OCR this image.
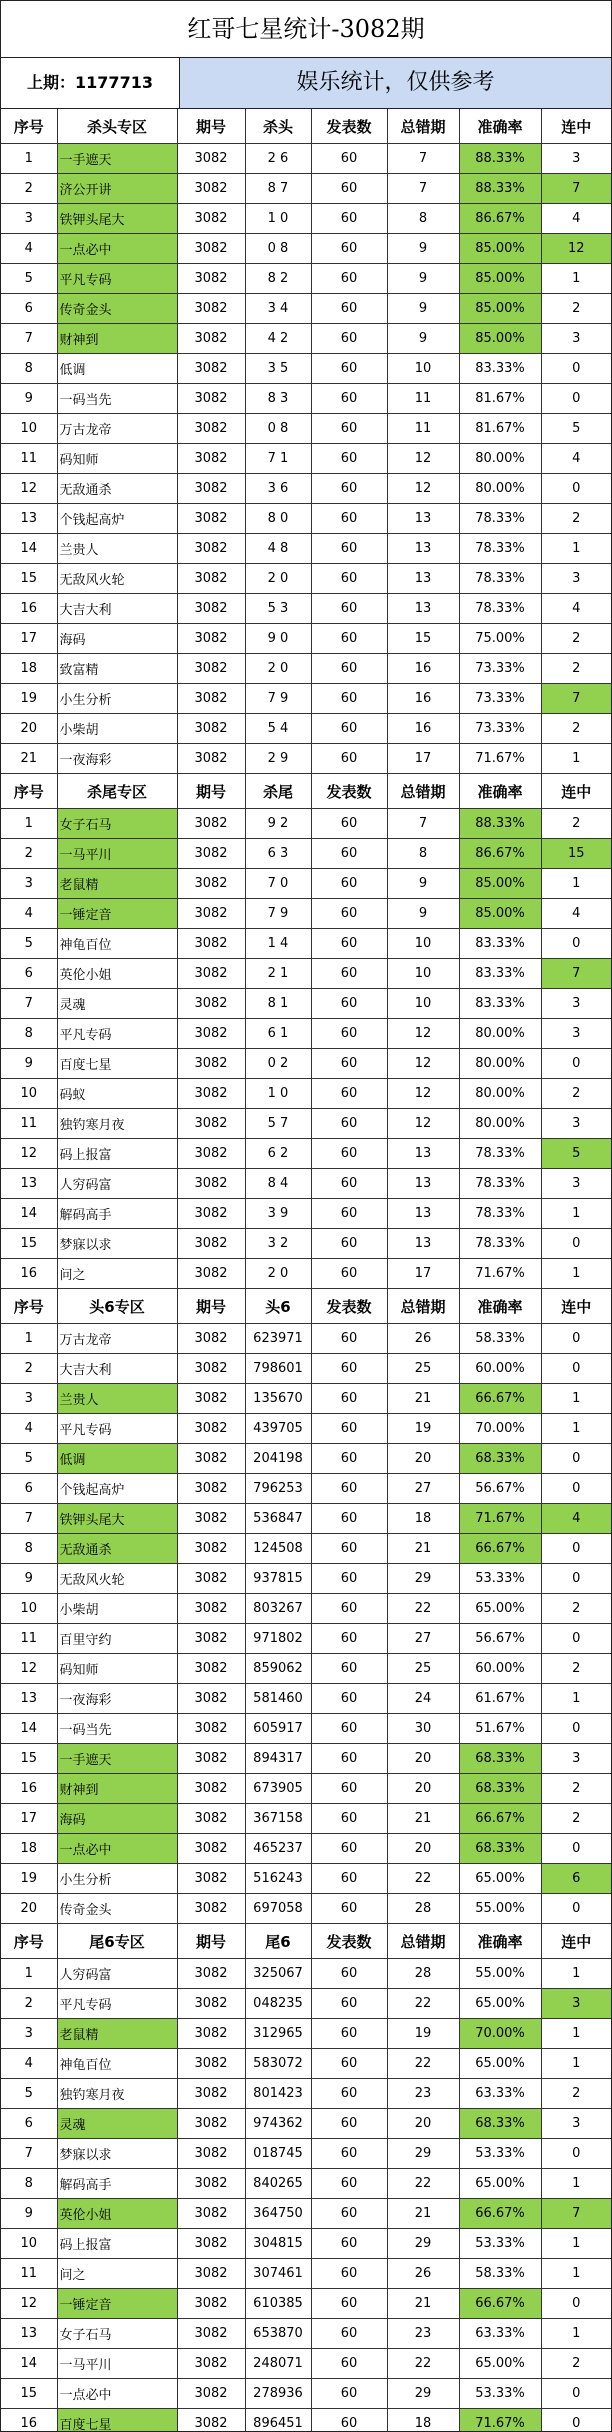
红哥七星统计-3082期
上期：1177713	娱乐统计，仅供参考
序号	杀头专区	期号	杀头	发表数	总错期	准确率	连中
1	一手遮天	3082	2 6	60	7	88.33%	3
2	济公开讲	3082	8 7	60	7	88.33%	7
3	铁钾头尾大	3082	1 0	60	8	86.67%	4
4	一点必中	3082	0 8	60	9	85.00%	12
5	平凡专码	3082	8 2	60	9	85.00%	1
6	传奇金头	3082	3 4	60	9	85.00%	2
7	财神到	3082	4 2	60	9	85.00%	3
8	低调	3082	3 5	60	10	83.33%	0
9	一码当先	3082	8 3	60	11	81.67%	0
10	万古龙帝	3082	0 8	60	11	81.67%	5
11	码知师	3082	7 1	60	12	80.00%	4
12	无敌通杀	3082	3 6	60	12	80.00%	0
13	个钱起高炉	3082	8 0	60	13	78.33%	2
14	兰贵人	3082	4 8	60	13	78.33%	1
15	无敌风火轮	3082	2 0	60	13	78.33%	3
16	大吉大利	3082	5 3	60	13	78.33%	4
17	海码	3082	9 0	60	15	75.00%	2
18	致富精	3082	2 0	60	16	73.33%	2
19	小生分析	3082	7 9	60	16	73.33%	7
20	小柴胡	3082	5 4	60	16	73.33%	2
21	一夜海彩	3082	2 9	60	17	71.67%	1
序号	杀尾专区	期号	杀尾	发表数	总错期	准确率	连中
1	女子石马	3082	9 2	60	7	88.33%	2
2	一马平川	3082	6 3	60	8	86.67%	15
3	老鼠精	3082	7 0	60	9	85.00%	1
4	一锤定音	3082	7 9	60	9	85.00%	4
5	神龟百位	3082	1 4	60	10	83.33%	0
6	英伦小姐	3082	2 1	60	10	83.33%	7
7	灵魂	3082	8 1	60	10	83.33%	3
8	平凡专码	3082	6 1	60	12	80.00%	3
9	百度七星	3082	0 2	60	12	80.00%	0
10	码蚁	3082	1 0	60	12	80.00%	2
11	独钓寒月夜	3082	5 7	60	12	80.00%	3
12	码上报富	3082	6 2	60	13	78.33%	5
13	人穷码富	3082	8 4	60	13	78.33%	3
14	解码高手	3082	3 9	60	13	78.33%	1
15	梦寐以求	3082	3 2	60	13	78.33%	0
16	问之	3082	2 0	60	17	71.67%	1
序号	头6专区	期号	头6	发表数	总错期	准确率	连中
1	万古龙帝	3082	623971	60	26	58.33%	0
2	大吉大利	3082	798601	60	25	60.00%	0
3	兰贵人	3082	135670	60	21	66.67%	1
4	平凡专码	3082	439705	60	19	70.00%	1
5	低调	3082	204198	60	20	68.33%	0
6	个钱起高炉	3082	796253	60	27	56.67%	0
7	铁钾头尾大	3082	536847	60	18	71.67%	4
8	无敌通杀	3082	124508	60	21	66.67%	0
9	无敌风火轮	3082	937815	60	29	53.33%	0
10	小柴胡	3082	803267	60	22	65.00%	2
11	百里守约	3082	971802	60	27	56.67%	0
12	码知师	3082	859062	60	25	60.00%	2
13	一夜海彩	3082	581460	60	24	61.67%	1
14	一码当先	3082	605917	60	30	51.67%	0
15	一手遮天	3082	894317	60	20	68.33%	3
16	财神到	3082	673905	60	20	68.33%	2
17	海码	3082	367158	60	21	66.67%	2
18	一点必中	3082	465237	60	20	68.33%	0
19	小生分析	3082	516243	60	22	65.00%	6
20	传奇金头	3082	697058	60	28	55.00%	0
序号	尾6专区	期号	尾6	发表数	总错期	准确率	连中
1	人穷码富	3082	325067	60	28	55.00%	1
2	平凡专码	3082	048235	60	22	65.00%	3
3	老鼠精	3082	312965	60	19	70.00%	1
4	神龟百位	3082	583072	60	22	65.00%	1
5	独钓寒月夜	3082	801423	60	23	63.33%	2
6	灵魂	3082	974362	60	20	68.33%	3
7	梦寐以求	3082	018745	60	29	53.33%	0
8	解码高手	3082	840265	60	22	65.00%	1
9	英伦小姐	3082	364750	60	21	66.67%	7
10	码上报富	3082	304815	60	29	53.33%	1
11	问之	3082	307461	60	26	58.33%	1
12	一锤定音	3082	610385	60	21	66.67%	0
13	女子石马	3082	653870	60	23	63.33%	1
14	一马平川	3082	248071	60	22	65.00%	2
15	一点必中	3082	278936	60	29	53.33%	0
16	百度七星	3082	896451	60	18	71.67%	0
